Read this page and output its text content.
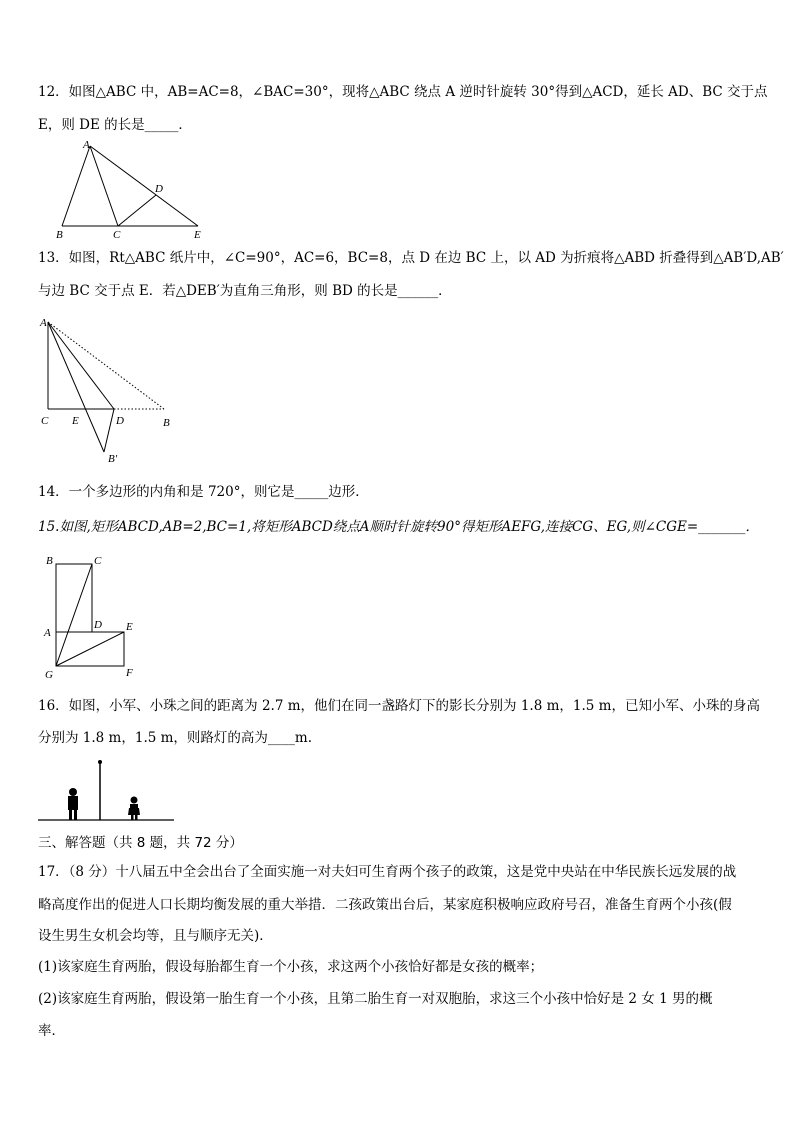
12．如图△ABC 中，AB=AC=8，∠BAC=30°，现将△ABC 绕点 A 逆时针旋转 30°得到△ACD，延长 AD、BC 交于点
E，则 DE 的长是_____．
A
B	C
D
E
13．如图，Rt△ABC 纸片中，∠C=90°，AC=6，BC=8，点 D 在边 BC 上，以 AD 为折痕将△ABD 折叠得到△AB′D,AB′
与边 BC 交于点 E．若△DEB′为直角三角形，则 BD 的长是______．
A
C E	D	B
B′
14．一个多边形的内角和是 720°，则它是_____边形．
15.如图,矩形ABCD,AB=2,BC=1,将矩形ABCD绕点A顺时针旋转90°得矩形AEFG,连接CG、EG,则∠CGE=_______．
B	C
A
D E
G	F
16．如图，小军、小珠之间的距离为 2.7 m，他们在同一盏路灯下的影长分别为 1.8 m，1.5 m，已知小军、小珠的身高
分别为 1.8 m，1.5 m，则路灯的高为____m.
三、解答题（共 8 题，共 72 分）
17．（8 分）十八届五中全会出台了全面实施一对夫妇可生育两个孩子的政策，这是党中央站在中华民族长远发展的战
略高度作出的促进人口长期均衡发展的重大举措．二孩政策出台后，某家庭积极响应政府号召，准备生育两个小孩(假
设生男生女机会均等，且与顺序无关)．
(1)该家庭生育两胎，假设每胎都生育一个小孩，求这两个小孩恰好都是女孩的概率；
(2)该家庭生育两胎，假设第一胎生育一个小孩，且第二胎生育一对双胞胎，求这三个小孩中恰好是 2 女 1 男的概
率．
